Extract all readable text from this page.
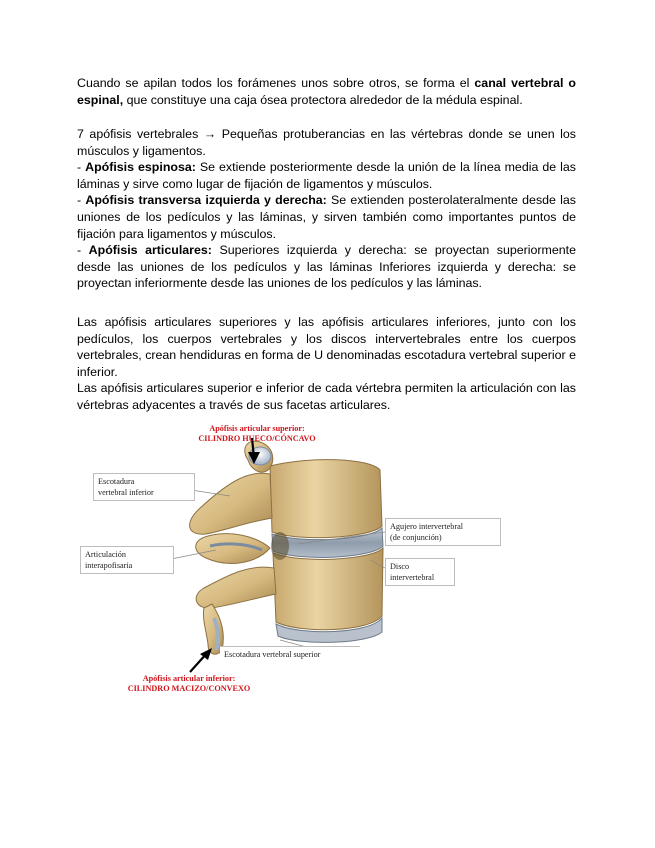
Cuando se apilan todos los forámenes unos sobre otros, se forma el canal vertebral o espinal, que constituye una caja ósea protectora alrededor de la médula espinal.

7 apófisis vertebrales → Pequeñas protuberancias en las vértebras donde se unen los músculos y ligamentos.

- Apófisis espinosa: Se extiende posteriormente desde la unión de la línea media de las láminas y sirve como lugar de fijación de ligamentos y músculos.

- Apófisis transversa izquierda y derecha: Se extienden posterolateralmente desde las uniones de los pedículos y las láminas, y sirven también como importantes puntos de fijación para ligamentos y músculos.

- Apófisis articulares: Superiores izquierda y derecha: se proyectan superiormente desde las uniones de los pedículos y las láminas Inferiores izquierda y derecha: se proyectan inferiormente desde las uniones de los pedículos y las láminas.

Las apófisis articulares superiores y las apófisis articulares inferiores, junto con los pedículos, los cuerpos vertebrales y los discos intervertebrales entre los cuerpos vertebrales, crean hendiduras en forma de U denominadas escotadura vertebral superior e inferior.

Las apófisis articulares superior e inferior de cada vértebra permiten la articulación con las vértebras adyacentes a través de sus facetas articulares.

Apófisis articular superior:
CILINDRO HUECO/CÓNCAVO
Apófisis articular inferior:
CILINDRO MACIZO/CONVEXO
Escotadura
vertebral inferior
Articulación
interapofisaria
Agujero intervertebral
(de conjunción)
Disco
intervertebral
Escotadura vertebral superior
